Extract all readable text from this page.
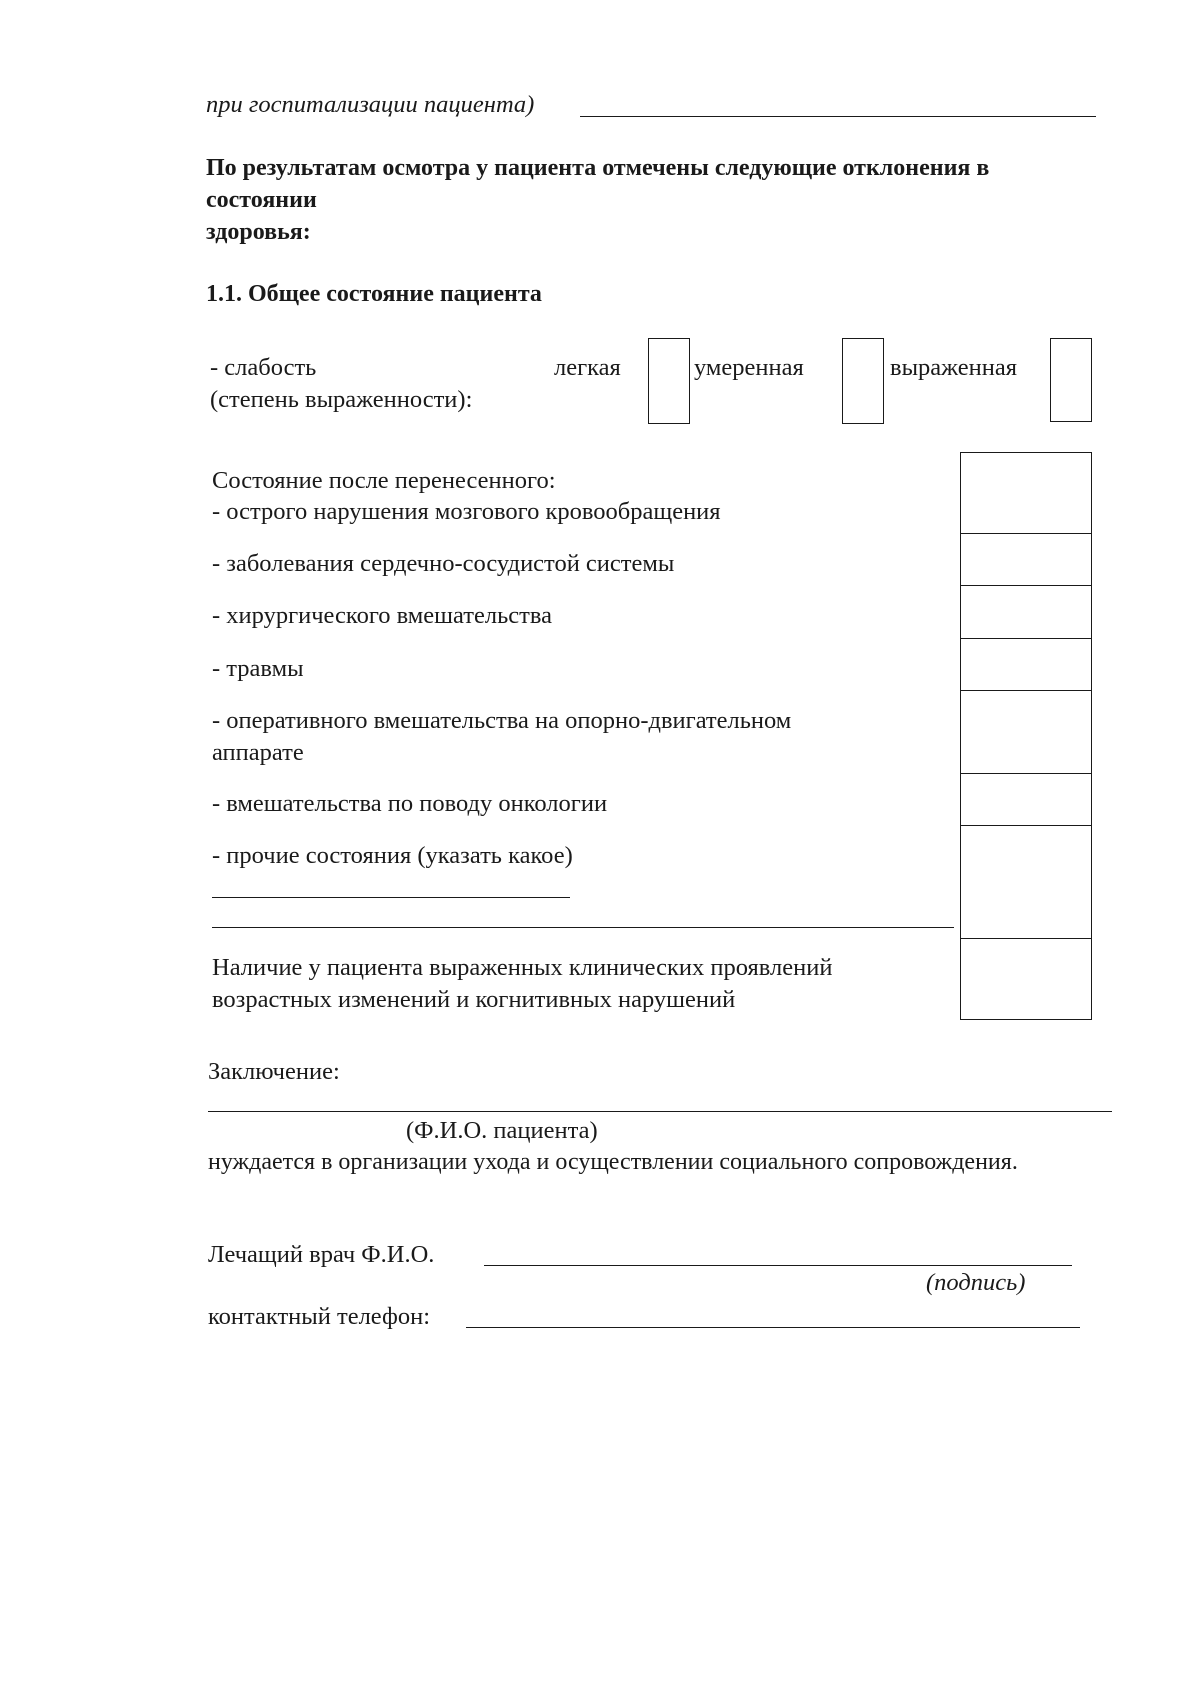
при госпитализации пациента)
По результатам осмотра у пациента отмечены следующие отклонения в
состоянии
здоровья:
1.1. Общее состояние пациента
- слабость
(степень выраженности):
легкая	умеренная	выраженная
Состояние после перенесенного:
- острого нарушения мозгового кровообращения
- заболевания сердечно-сосудистой системы
- хирургического вмешательства
- травмы
- оперативного вмешательства на опорно-двигательном
аппарате
- вмешательства по поводу онкологии
- прочие состояния (указать какое)
Наличие у пациента выраженных клинических проявлений
возрастных изменений и когнитивных нарушений
Заключение:
(Ф.И.О. пациента)
нуждается в организации ухода и осуществлении социального сопровождения.
Лечащий врач Ф.И.О.
(подпись)
контактный телефон:
